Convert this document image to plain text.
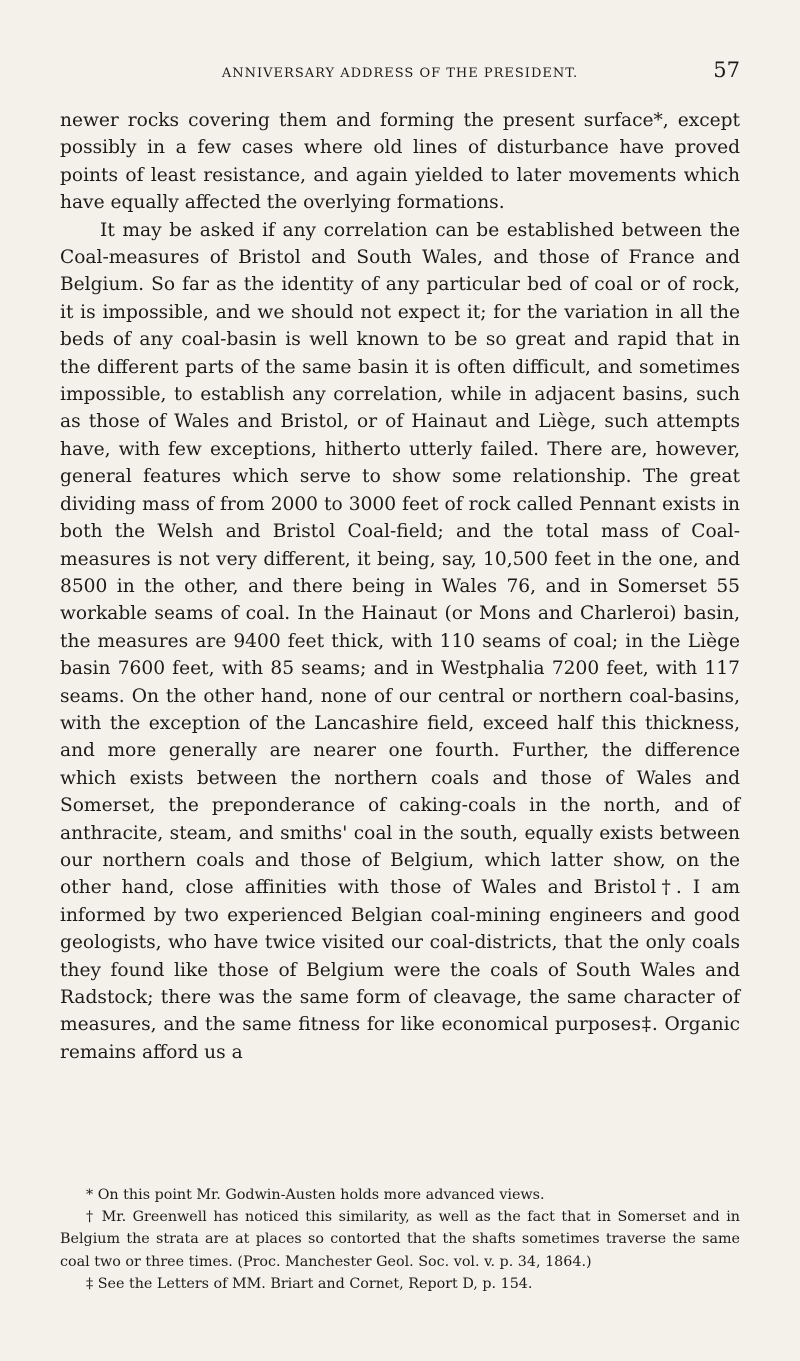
ANNIVERSARY ADDRESS OF THE PRESIDENT.	57

newer rocks covering them and forming the present surface*, except possibly in a few cases where old lines of disturbance have proved points of least resistance, and again yielded to later movements which have equally affected the overlying formations.

It may be asked if any correlation can be established between the Coal-measures of Bristol and South Wales, and those of France and Belgium. So far as the identity of any particular bed of coal or of rock, it is impossible, and we should not expect it; for the variation in all the beds of any coal-basin is well known to be so great and rapid that in the different parts of the same basin it is often difficult, and sometimes impossible, to establish any correlation, while in adjacent basins, such as those of Wales and Bristol, or of Hainaut and Liège, such attempts have, with few exceptions, hitherto utterly failed. There are, however, general features which serve to show some relationship. The great dividing mass of from 2000 to 3000 feet of rock called Pennant exists in both the Welsh and Bristol Coal-field; and the total mass of Coal-measures is not very different, it being, say, 10,500 feet in the one, and 8500 in the other, and there being in Wales 76, and in Somerset 55 workable seams of coal. In the Hainaut (or Mons and Charleroi) basin, the measures are 9400 feet thick, with 110 seams of coal; in the Liège basin 7600 feet, with 85 seams; and in Westphalia 7200 feet, with 117 seams. On the other hand, none of our central or northern coal-basins, with the exception of the Lancashire field, exceed half this thickness, and more generally are nearer one fourth. Further, the difference which exists between the northern coals and those of Wales and Somerset, the preponderance of caking-coals in the north, and of anthracite, steam, and smiths' coal in the south, equally exists between our northern coals and those of Belgium, which latter show, on the other hand, close affinities with those of Wales and Bristol†. I am informed by two experienced Belgian coal-mining engineers and good geologists, who have twice visited our coal-districts, that the only coals they found like those of Belgium were the coals of South Wales and Radstock; there was the same form of cleavage, the same character of measures, and the same fitness for like economical purposes‡. Organic remains afford us a

* On this point Mr. Godwin-Austen holds more advanced views.

† Mr. Greenwell has noticed this similarity, as well as the fact that in Somerset and in Belgium the strata are at places so contorted that the shafts sometimes traverse the same coal two or three times. (Proc. Manchester Geol. Soc. vol. v. p. 34, 1864.)

‡ See the Letters of MM. Briart and Cornet, Report D, p. 154.
